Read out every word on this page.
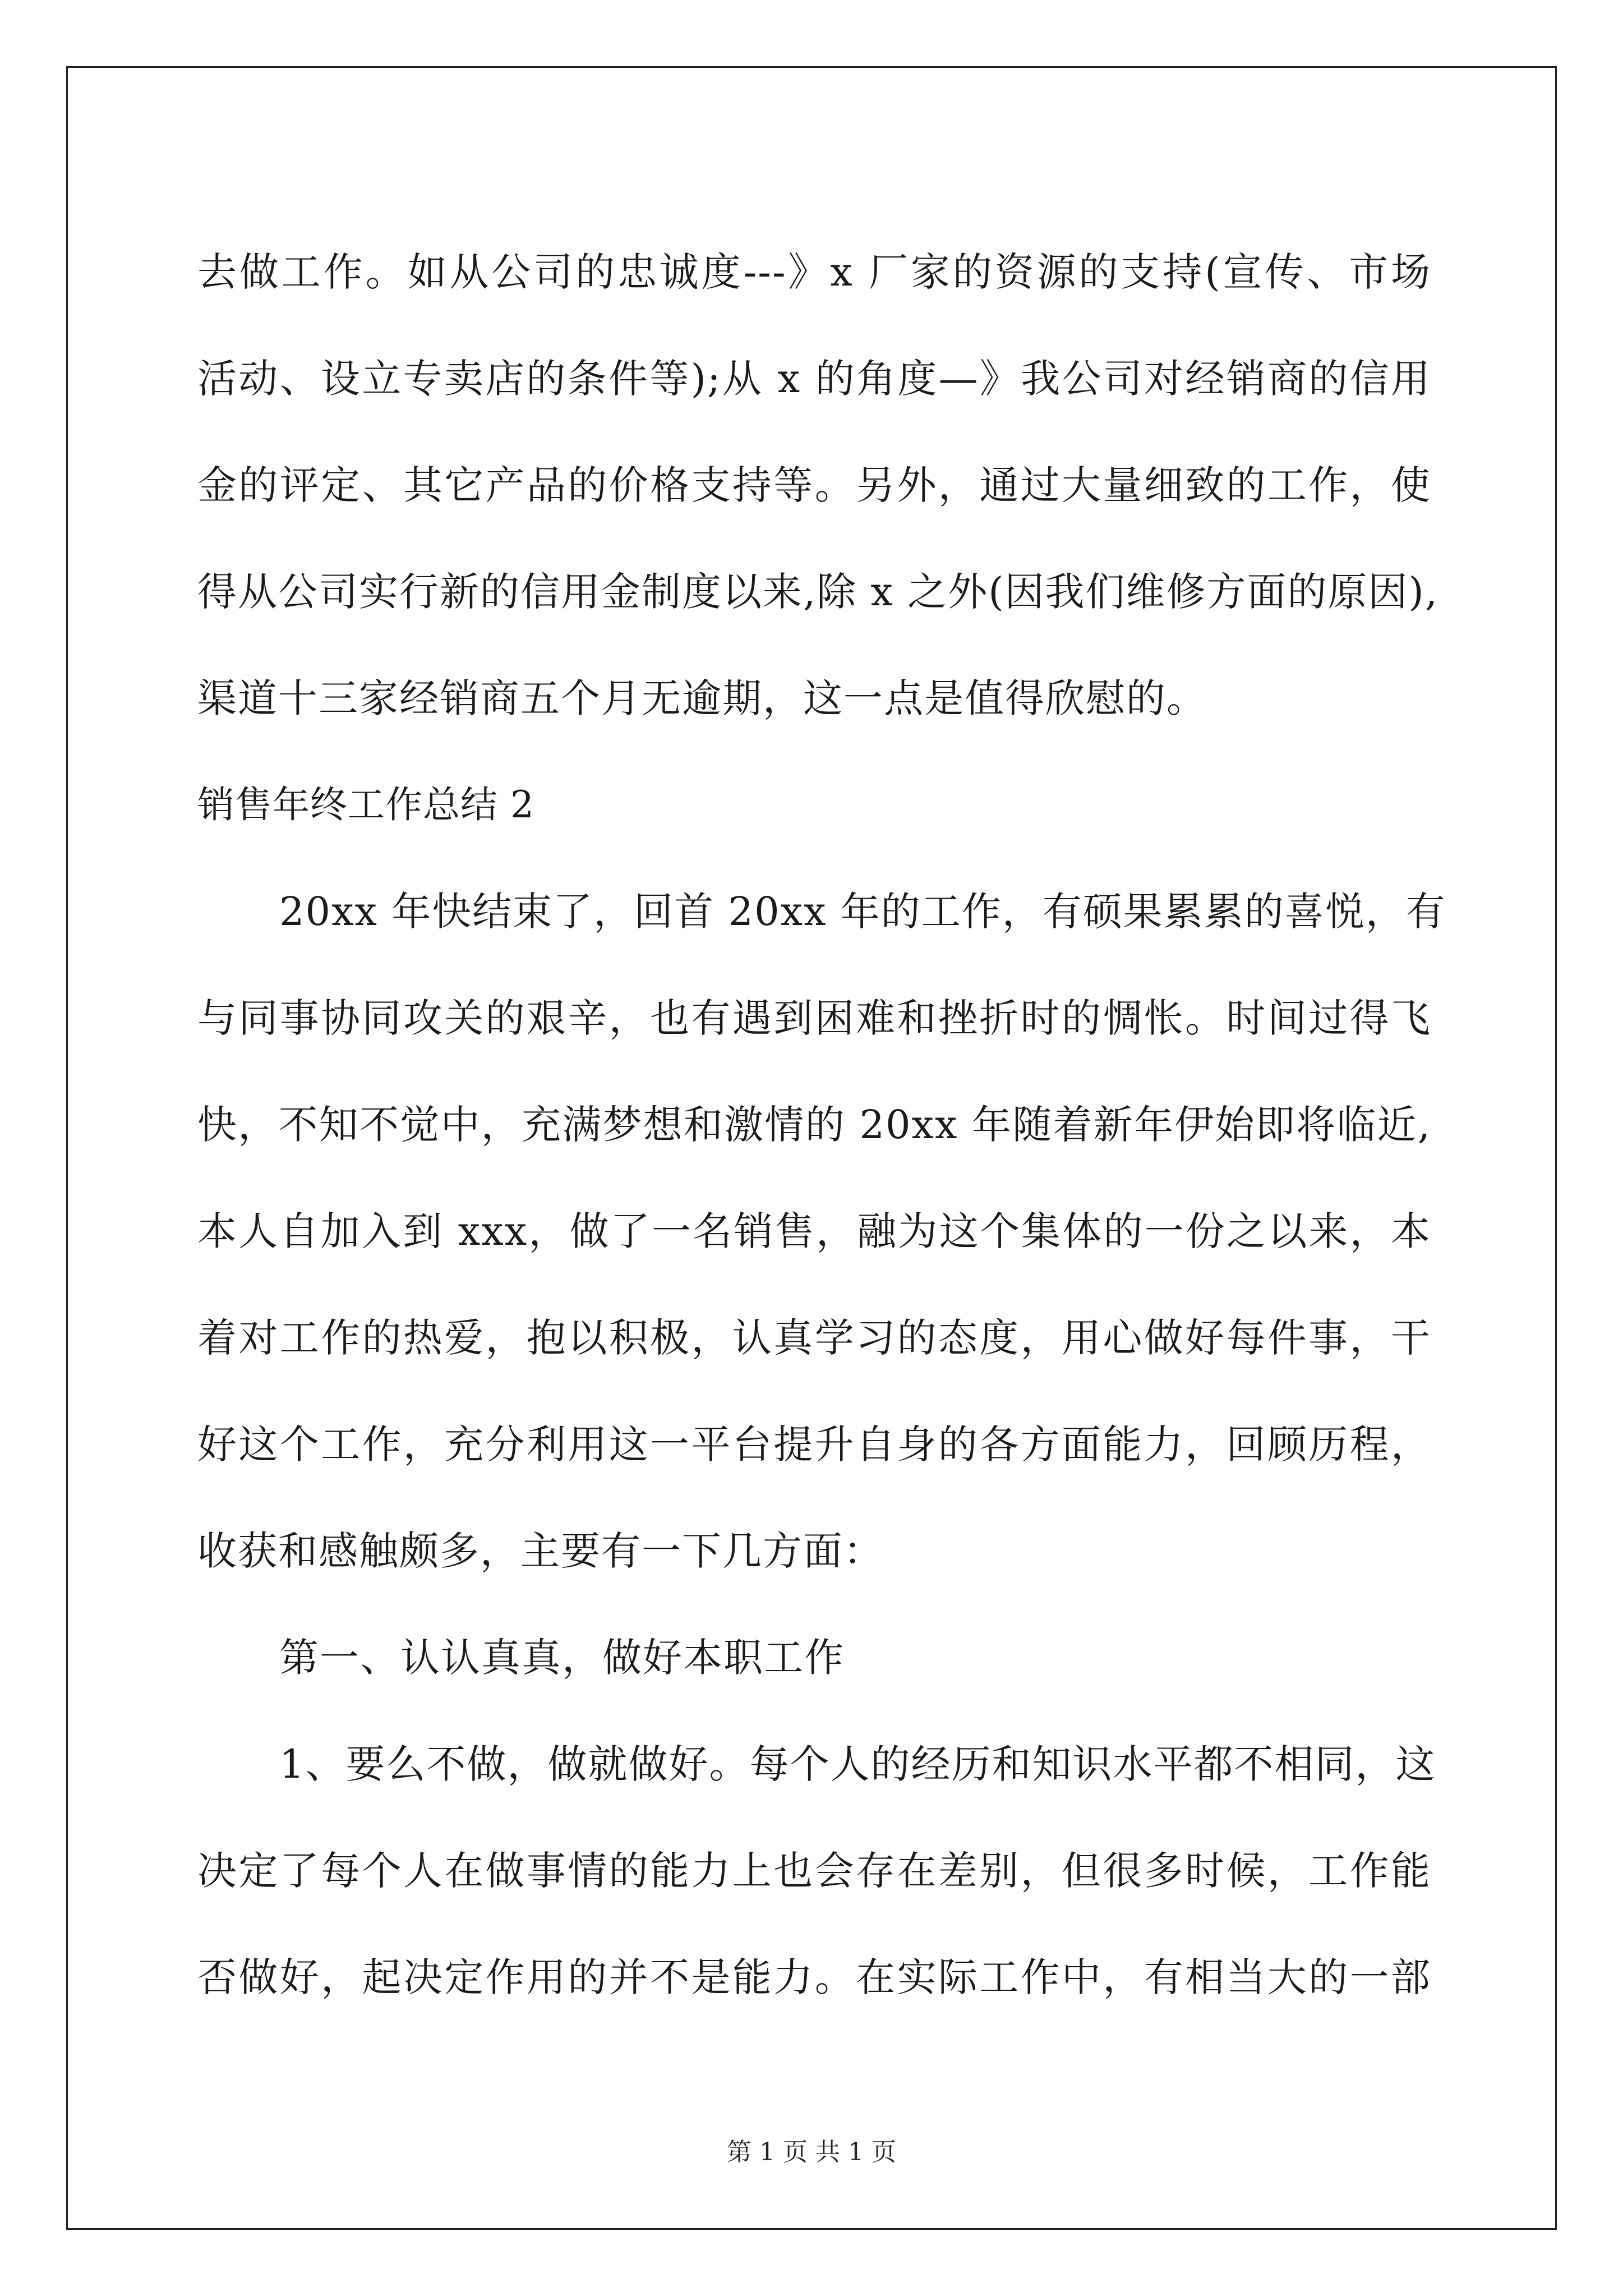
去做工作。如从公司的忠诚度---》x 厂家的资源的支持(宣传、市场
活动、设立专卖店的条件等);从 x 的角度—》我公司对经销商的信用
金的评定、其它产品的价格支持等。另外，通过大量细致的工作，使
得从公司实行新的信用金制度以来,除 x 之外(因我们维修方面的原因),
渠道十三家经销商五个月无逾期，这一点是值得欣慰的。
销售年终工作总结 2
20xx 年快结束了，回首 20xx 年的工作，有硕果累累的喜悦，有
与同事协同攻关的艰辛，也有遇到困难和挫折时的惆怅。时间过得飞
快，不知不觉中，充满梦想和激情的 20xx 年随着新年伊始即将临近,
本人自加入到 xxx，做了一名销售，融为这个集体的一份之以来，本
着对工作的热爱，抱以积极，认真学习的态度，用心做好每件事，干
好这个工作，充分利用这一平台提升自身的各方面能力，回顾历程，
收获和感触颇多，主要有一下几方面：
第一、认认真真，做好本职工作
1、要么不做，做就做好。每个人的经历和知识水平都不相同，这
决定了每个人在做事情的能力上也会存在差别，但很多时候，工作能
否做好，起决定作用的并不是能力。在实际工作中，有相当大的一部
第 1 页 共 1 页
